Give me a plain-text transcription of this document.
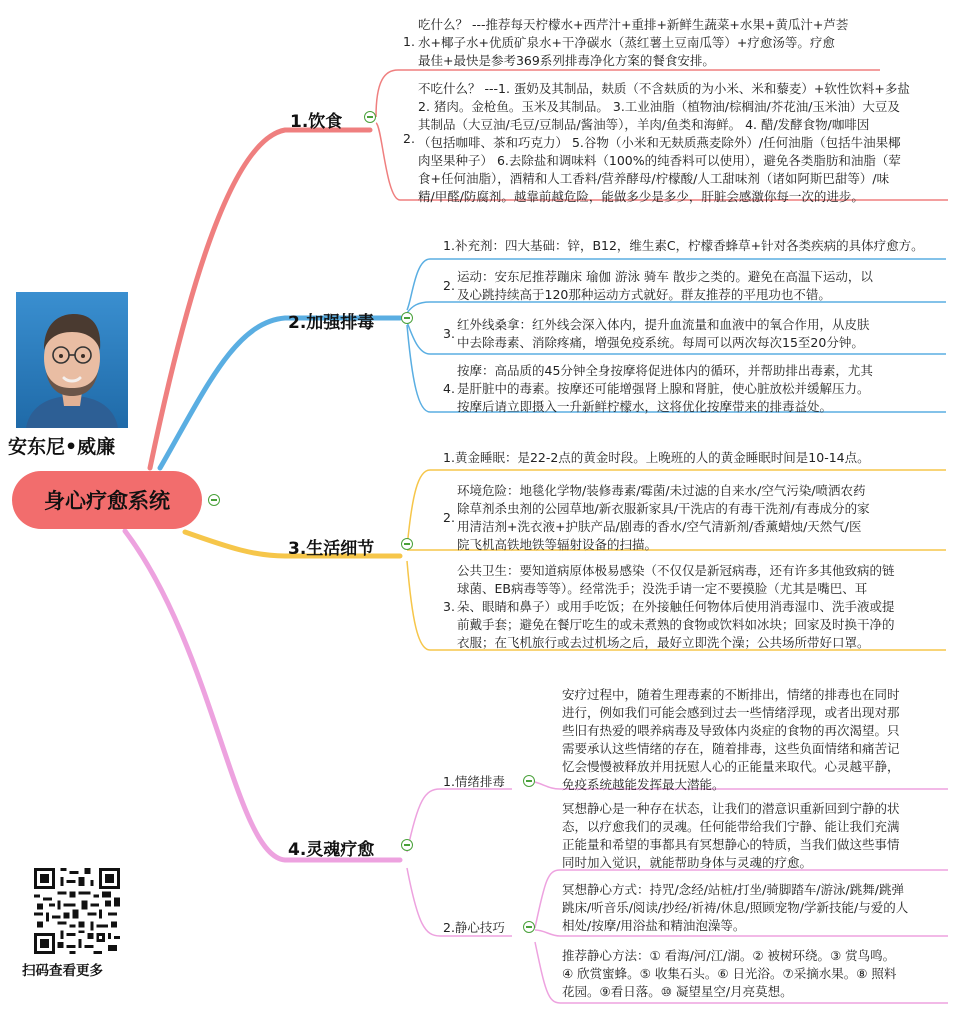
安东尼•威廉
身心疗愈系统
1.饮食
1.
吃什么？ ---推荐每天柠檬水+西芹汁+重排+新鲜生蔬菜+水果+黄瓜汁+芦荟
水+椰子水+优质矿泉水+干净碳水（蒸红薯土豆南瓜等）+疗愈汤等。疗愈
最佳+最快是参考369系列排毒净化方案的餐食安排。
2.
不吃什么？ ---1. 蛋奶及其制品，麸质（不含麸质的为小米、米和藜麦）+软性饮料+多盐
2. 猪肉。金枪鱼。玉米及其制品。 3.工业油脂（植物油/棕榈油/芥花油/玉米油）大豆及
其制品（大豆油/毛豆/豆制品/酱油等），羊肉/鱼类和海鲜。 4. 醋/发酵食物/咖啡因
（包括咖啡、茶和巧克力） 5.谷物（小米和无麸质燕麦除外）/任何油脂（包括牛油果椰
肉坚果种子） 6.去除盐和调味料（100%的纯香料可以使用），避免各类脂肪和油脂（荤
食+任何油脂），酒精和人工香料/营养酵母/柠檬酸/人工甜味剂（诸如阿斯巴甜等）/味
精/甲醛/防腐剂。越靠前越危险，能做多少是多少，肝脏会感激你每一次的进步。
2.加强排毒
1.补充剂：四大基础：锌，B12，维生素C，柠檬香蜂草+针对各类疾病的具体疗愈方。
2.
运动：安东尼推荐蹦床 瑜伽 游泳 骑车 散步之类的。避免在高温下运动，以
及心跳持续高于120那种运动方式就好。群友推荐的平甩功也不错。
3.
红外线桑拿：红外线会深入体内，提升血流量和血液中的氧合作用，从皮肤
中去除毒素、消除疼痛，增强免疫系统。每周可以两次每次15至20分钟。
4.
按摩：高品质的45分钟全身按摩将促进体内的循环，并帮助排出毒素，尤其
是肝脏中的毒素。按摩还可能增强肾上腺和肾脏，使心脏放松并缓解压力。
按摩后请立即摄入一升新鲜柠檬水，这将优化按摩带来的排毒益处。
3.生活细节
1.黄金睡眠：是22-2点的黄金时段。上晚班的人的黄金睡眠时间是10-14点。
2.
环境危险：地毯化学物/装修毒素/霉菌/未过滤的自来水/空气污染/喷洒农药
除草剂杀虫剂的公园草地/新衣服新家具/干洗店的有毒干洗剂/有毒成分的家
用清洁剂+洗衣液+护肤产品/剧毒的香水/空气清新剂/香薰蜡烛/天然气/医
院飞机高铁地铁等辐射设备的扫描。
3.
公共卫生：要知道病原体极易感染（不仅仅是新冠病毒，还有许多其他致病的链
球菌、EB病毒等等）。经常洗手；没洗手请一定不要摸脸（尤其是嘴巴、耳
朵、眼睛和鼻子）或用手吃饭；在外接触任何物体后使用消毒湿巾、洗手液或提
前戴手套；避免在餐厅吃生的或未煮熟的食物或饮料如冰块；回家及时换干净的
衣服；在飞机旅行或去过机场之后，最好立即洗个澡；公共场所带好口罩。
4.灵魂疗愈
1.情绪排毒
安疗过程中，随着生理毒素的不断排出，情绪的排毒也在同时
进行，例如我们可能会感到过去一些情绪浮现，或者出现对那
些旧有热爱的喂养病毒及导致体内炎症的食物的再次渴望。只
需要承认这些情绪的存在，随着排毒，这些负面情绪和痛苦记
忆会慢慢被释放并用抚慰人心的正能量来取代。心灵越平静，
免疫系统越能发挥最大潜能。
2.静心技巧
冥想静心是一种存在状态，让我们的潜意识重新回到宁静的状
态，以疗愈我们的灵魂。任何能带给我们宁静、能让我们充满
正能量和希望的事都具有冥想静心的特质，当我们做这些事情
同时加入觉识，就能帮助身体与灵魂的疗愈。
冥想静心方式：持咒/念经/站桩/打坐/骑脚踏车/游泳/跳舞/跳弹
跳床/听音乐/阅读/抄经/祈祷/休息/照顾宠物/学新技能/与爱的人
相处/按摩/用浴盐和精油泡澡等。
推荐静心方法：① 看海/河/江/湖。② 被树环绕。③ 赏鸟鸣。
④ 欣赏蜜蜂。⑤ 收集石头。⑥ 日光浴。⑦采摘水果。⑧ 照料
花园。⑨看日落。⑩ 凝望星空/月亮莫想。
扫码查看更多
